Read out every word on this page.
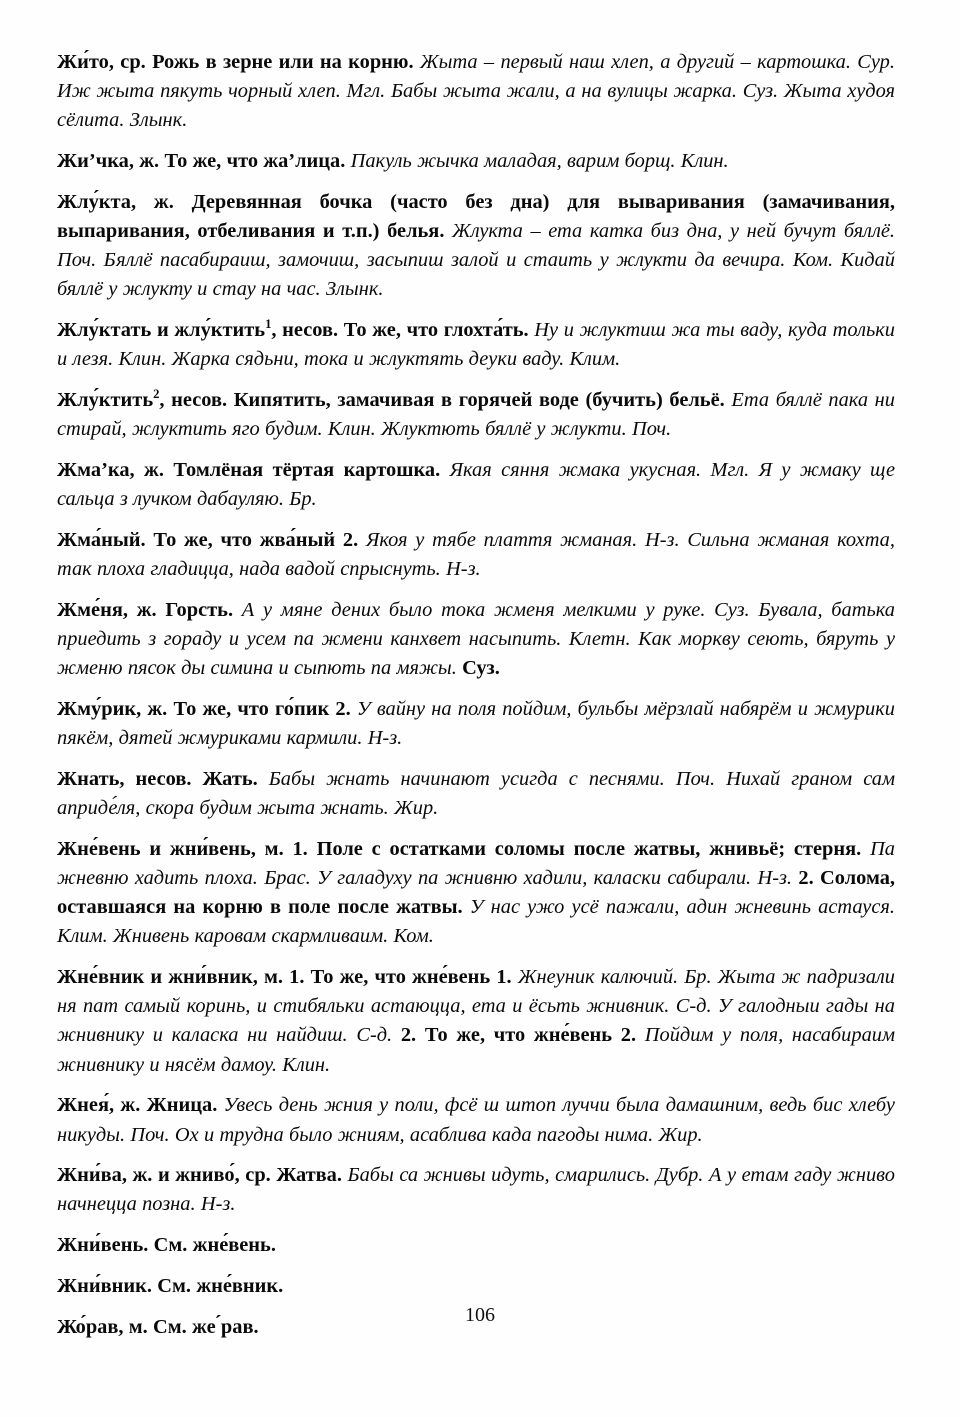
Жи́то, ср. Рожь в зерне или на корню. Жыта – первый наш хлеп, а другий – картошка. Сур. Иж жыта пякуть чорный хлеп. Мгл. Бабы жыта жали, а на вулицы жарка. Суз. Жыта худоя сёлита. Злынк.

Жи’чка, ж. То же, что жа’лица. Пакуль жычка маладая, варим борщ. Клин.

Жлу́кта, ж. Деревянная бочка (часто без дна) для вываривания (замачивания, выпаривания, отбеливания и т.п.) белья. Жлукта – ета катка биз дна, у ней бучут бяллё. Поч. Бяллё пасабираиш, замочиш, засыпиш залой и стаить у жлукти да вечира. Ком. Кидай бяллё у жлукту и стау на час. Злынк.

Жлу́ктать и жлу́ктить$^1$, несов. То же, что глохта́ть. Ну и жлуктиш жа ты ваду, куда тольки и лезя. Клин. Жарка сядьни, тока и жлуктять деуки ваду. Клим.

Жлу́ктить$^2$, несов. Кипятить, замачивая в горячей воде (бучить) бельё. Ета бяллё пака ни стирай, жлуктить яго будим. Клин. Жлуктють бяллё у жлукти. Поч.

Жма’ка, ж. Томлёная тёртая картошка. Якая сяння жмака укусная. Мгл. Я у жмаку ще сальца з лучком дабауляю. Бр.

Жма́ный. То же, что жва́ный 2. Якоя у тябе плаття жманая. Н-з. Сильна жманая кохта, так плоха гладицца, нада вадой спрыснуть. Н-з.

Жме́ня, ж. Горсть. А у мяне дених было тока жменя мелкими у руке. Суз. Бувала, батька приедить з гораду и усем па жмени канхвет насыпить. Клетн. Как моркву сеють, бяруть у жменю пясок ды симина и сыпють па мяжы. Суз.

Жму́рик, ж. То же, что го́пик 2. У вайну на поля пойдим, бульбы мёрзлай набярём и жмурики пякём, дятей жмуриками кармили. Н-з.

Жнать, несов. Жать. Бабы жнать начинают усигда с песнями. Поч. Нихай граном сам априде́ля, скора будим жыта жнать. Жир.

Жне́вень и жни́вень, м. 1. Поле с остатками соломы после жатвы, жнивьё; стерня. Па жневню хадить плоха. Брас. У галадуху па жнивню хадили, каласки сабирали. Н-з. 2. Солома, оставшаяся на корню в поле после жатвы. У нас ужо усё пажали, адин жневинь астауся. Клим. Жнивень каровам скармливаим. Ком.

Жне́вник и жни́вник, м. 1. То же, что жне́вень 1. Жнеуник калючий. Бр. Жыта ж падризали ня пат самый коринь, и стибяльки астаюцца, ета и ёсьть жнивник. С-д. У галодныи гады на жнивнику и каласка ни найдиш. С-д. 2. То же, что жне́вень 2. Пойдим у поля, насабираим жнивнику и нясём дамоу. Клин.

Жнея́, ж. Жница. Увесь день жния у поли, фсё ш штоп луччи была дамашним, ведь бис хлебу никуды. Поч. Ох и трудна было жниям, асаблива када пагоды нима. Жир.

Жни́ва, ж. и жниво́, ср. Жатва. Бабы са жнивы идуть, смарились. Дубр. А у етам гаду жниво начнецца позна. Н-з.

Жни́вень. См. жне́вень.

Жни́вник. См. жне́вник.

Жо́рав, м. См. же ́рав.

106
